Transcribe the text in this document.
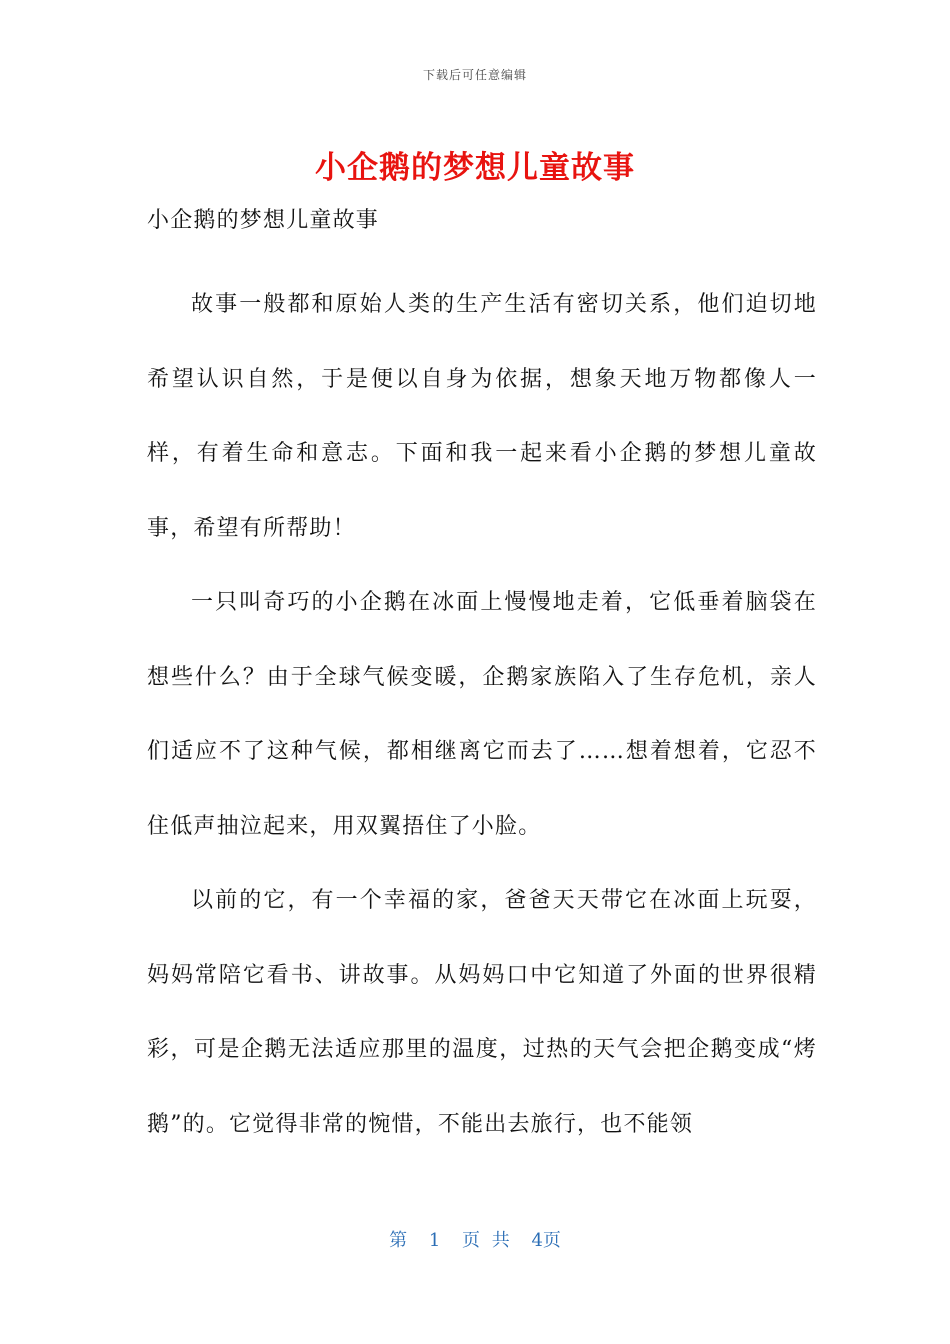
下载后可任意编辑
小企鹅的梦想儿童故事

小企鹅的梦想儿童故事

故事一般都和原始人类的生产生活有密切关系，他们迫切地希望认识自然，于是便以自身为依据，想象天地万物都像人一样，有着生命和意志。下面和我一起来看小企鹅的梦想儿童故事，希望有所帮助！

一只叫奇巧的小企鹅在冰面上慢慢地走着，它低垂着脑袋在想些什么？由于全球气候变暖，企鹅家族陷入了生存危机，亲人们适应不了这种气候，都相继离它而去了……想着想着，它忍不住低声抽泣起来，用双翼捂住了小脸。

以前的它，有一个幸福的家，爸爸天天带它在冰面上玩耍，妈妈常陪它看书、讲故事。从妈妈口中它知道了外面的世界很精彩，可是企鹅无法适应那里的温度，过热的天气会把企鹅变成“烤鹅”的。它觉得非常的惋惜，不能出去旅行，也不能领

第 1 页 共 4页
